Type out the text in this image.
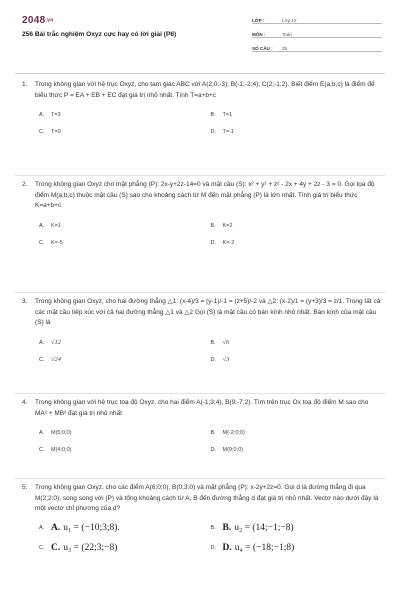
2048.vn
256 Bài trắc nghiệm Oxyz cực hay có lời giải (P6)
LỚP :	Lớp 12
MÔN :	Toán
SỐ CÂU :	25
1. Trong không gian với hệ trục Oxyz, cho tam giác ABC với A(2;0;-3); B(-1;-2;4); C(2;-1;2). Biết điểm E(a,b,c) là điểm để biểu thức P = EA + EB + EC đạt giá trị nhỏ nhất. Tính T=a+b+c
A.	T=3	B.	T=1
C.	T=0	D.	T=-1
2. Trong không gian Oxyz cho mặt phẳng (P): 2x-y+2z-14=0 và mặt cầu (S): x² + y² + z² - 2x + 4y + 2z - 3 = 0. Gọi tọa độ điểm M(a;b;c) thuộc mặt cầu (S) sao cho khoảng cách từ M đến mặt phẳng (P) là lớn nhất. Tính giá trị biểu thức K=a+b+c
A.	K=1	B.	K=2
C.	K=-5	D.	K=-2
3. Trong không gian Oxyz, cho hai đường thẳng △1: (x-4)/3 = (y-1)/-1 = (z+5)/-2 và △2: (x-2)/1 = (y+3)/3 = z/1. Trong tất cả các mặt cầu tiếp xúc với cả hai đường thẳng △1 và △2 Gọi (S) là mặt cầu có bán kính nhỏ nhất. Bán kính của mặt cầu (S) là
A.	√12	B.	√6
C.	√24	D.	√3
4. Trong không gian với hệ trục toạ độ Oxyz, cho hai điểm A(-1;3;4), B(9;-7;2). Tìm trên trục Ox toạ độ điểm M sao cho MA² + MB² đạt giá trị nhỏ nhất
A.	M(5;0;0)	B.	M(-2;0;0)
C.	M(4;0;0)	D.	M(9;0;0)
5. Trong không gian Oxyz, cho các điểm A(6;0;0), B(0;3;0) và mặt phẳng (P): x-2y+2z=0. Gọi d là đường thẳng đi qua M(2;2;0), song song với (P) và tổng khoảng cách từ A, B đến đường thẳng d đạt giá trị nhỏ nhất. Vectơ nào dưới đây là một vectơ chỉ phương của d?
A. A. u₁ = (−10;3;8).	B. B. u₂ = (14;−1;−8)
C. C. u₃ = (22;3;−8)	D. D. u₄ = (−18;−1;8)
